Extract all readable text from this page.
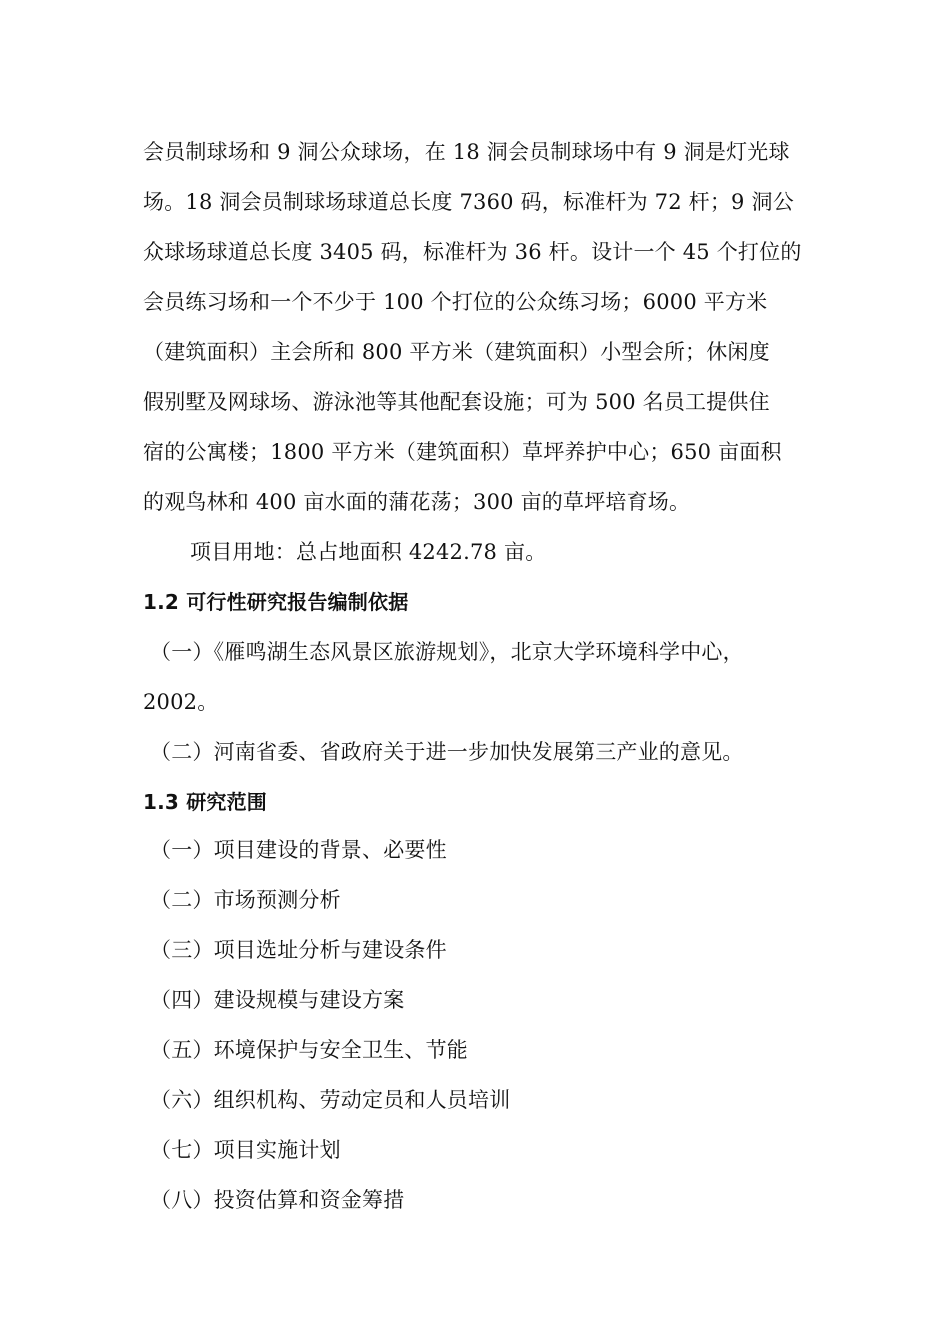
会员制球场和 9 洞公众球场，在 18 洞会员制球场中有 9 洞是灯光球
场。18 洞会员制球场球道总长度 7360 码，标准杆为 72 杆；9 洞公
众球场球道总长度 3405 码，标准杆为 36 杆。设计一个 45 个打位的
会员练习场和一个不少于 100 个打位的公众练习场；6000 平方米
（建筑面积）主会所和 800 平方米（建筑面积）小型会所；休闲度
假别墅及网球场、游泳池等其他配套设施；可为 500 名员工提供住
宿的公寓楼；1800 平方米（建筑面积）草坪养护中心；650 亩面积
的观鸟林和 400 亩水面的蒲花荡；300 亩的草坪培育场。
项目用地：总占地面积 4242.78 亩。
1.2 可行性研究报告编制依据
（一）《雁鸣湖生态风景区旅游规划》，北京大学环境科学中心，
2002。
（二）河南省委、省政府关于进一步加快发展第三产业的意见。
1.3 研究范围
（一）项目建设的背景、必要性
（二）市场预测分析
（三）项目选址分析与建设条件
（四）建设规模与建设方案
（五）环境保护与安全卫生、节能
（六）组织机构、劳动定员和人员培训
（七）项目实施计划
（八）投资估算和资金筹措
